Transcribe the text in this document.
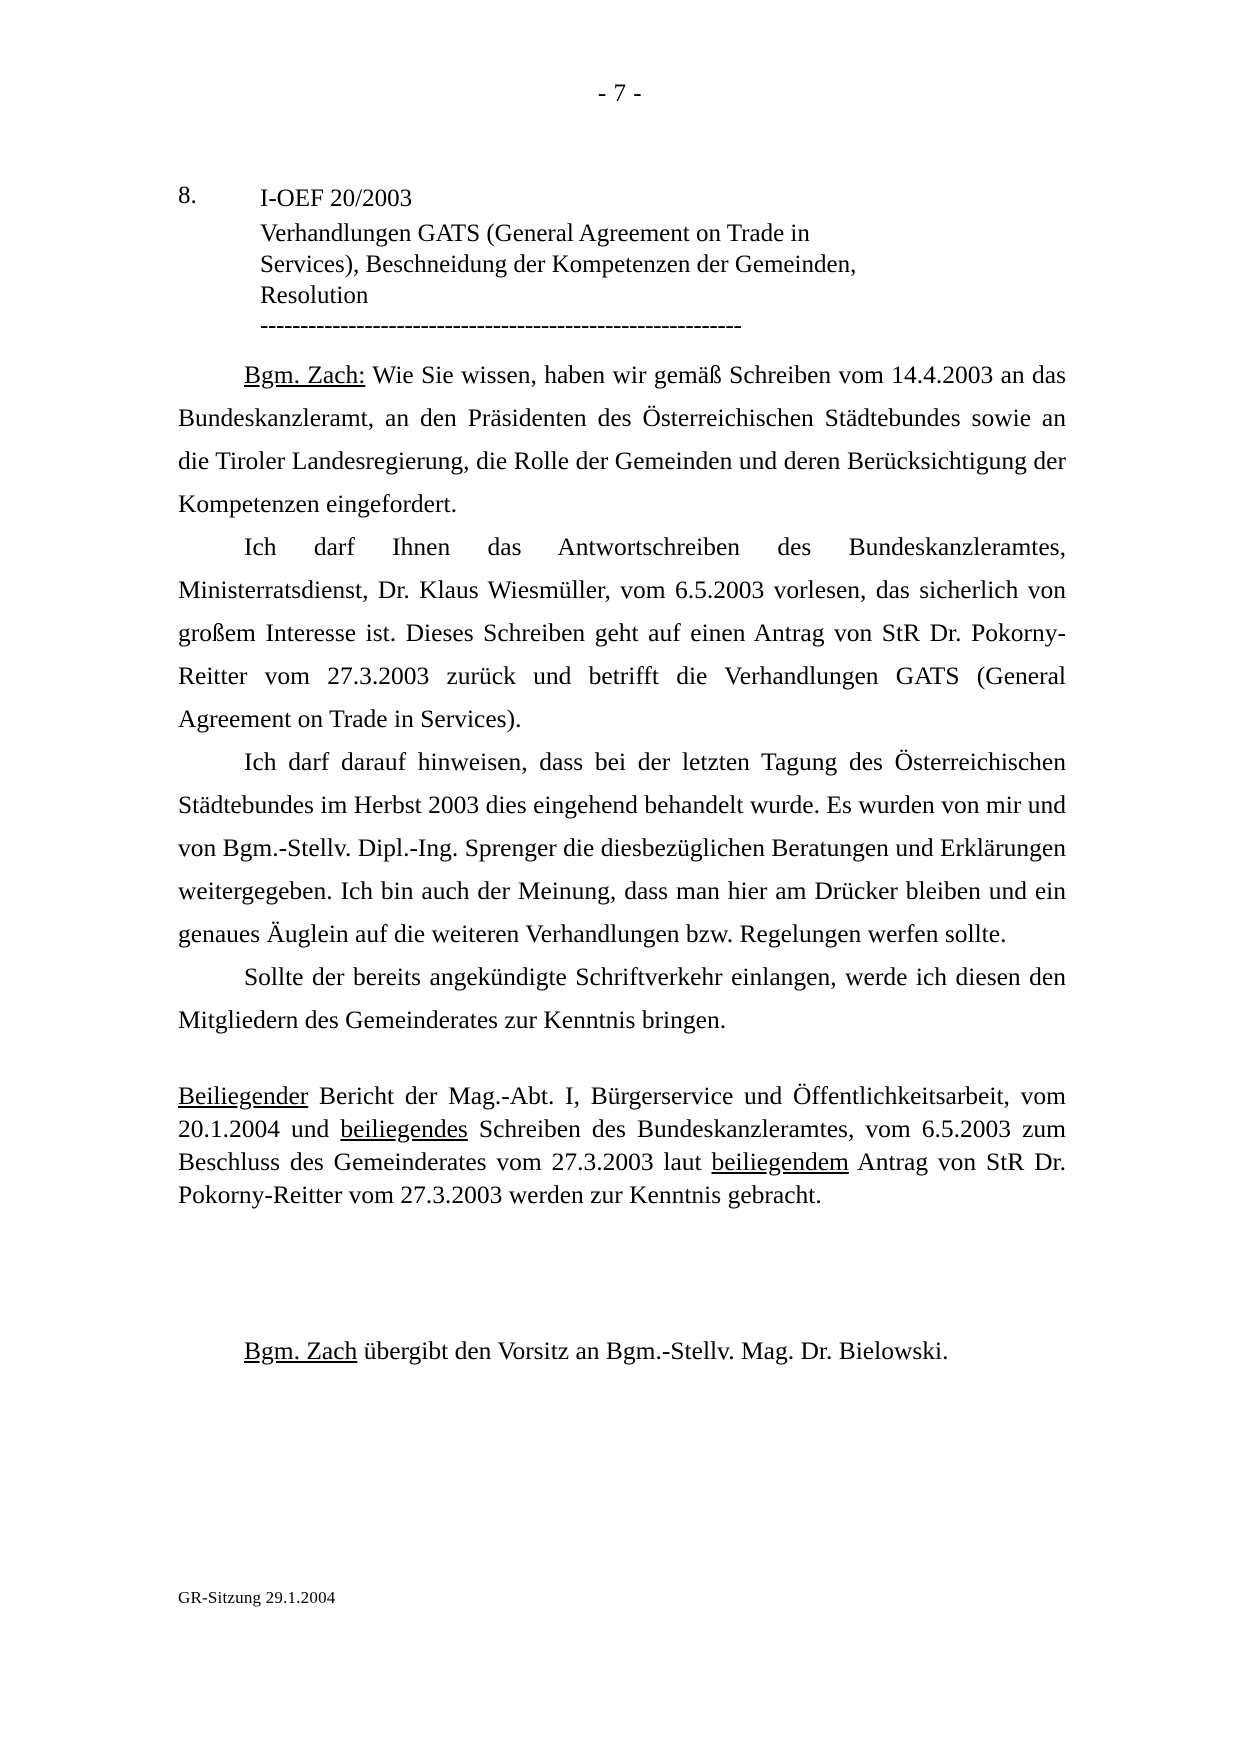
- 7 -
8.	I-OEF 20/2003
Verhandlungen GATS (General Agreement on Trade in Services), Beschneidung der Kompetenzen der Gemeinden, Resolution
------------------------------------------------------------

Bgm. Zach: Wie Sie wissen, haben wir gemäß Schreiben vom 14.4.2003 an das Bundeskanzleramt, an den Präsidenten des Österreichischen Städtebundes sowie an die Tiroler Landesregierung, die Rolle der Gemeinden und deren Berücksichtigung der Kompetenzen eingefordert.

Ich darf Ihnen das Antwortschreiben des Bundeskanzleramtes, Ministerratsdienst, Dr. Klaus Wiesmüller, vom 6.5.2003 vorlesen, das sicherlich von großem Interesse ist. Dieses Schreiben geht auf einen Antrag von StR Dr. Pokorny-Reitter vom 27.3.2003 zurück und betrifft die Verhandlungen GATS (General Agreement on Trade in Services).

Ich darf darauf hinweisen, dass bei der letzten Tagung des Österreichischen Städtebundes im Herbst 2003 dies eingehend behandelt wurde. Es wurden von mir und von Bgm.-Stellv. Dipl.-Ing. Sprenger die diesbezüglichen Beratungen und Erklärungen weitergegeben. Ich bin auch der Meinung, dass man hier am Drücker bleiben und ein genaues Äuglein auf die weiteren Verhandlungen bzw. Regelungen werfen sollte.

Sollte der bereits angekündigte Schriftverkehr einlangen, werde ich diesen den Mitgliedern des Gemeinderates zur Kenntnis bringen.

Beiliegender Bericht der Mag.-Abt. I, Bürgerservice und Öffentlichkeitsarbeit, vom 20.1.2004 und beiliegendes Schreiben des Bundeskanzleramtes, vom 6.5.2003 zum Beschluss des Gemeinderates vom 27.3.2003 laut beiliegendem Antrag von StR Dr. Pokorny-Reitter vom 27.3.2003 werden zur Kenntnis gebracht.

Bgm. Zach übergibt den Vorsitz an Bgm.-Stellv. Mag. Dr. Bielowski.

GR-Sitzung 29.1.2004
